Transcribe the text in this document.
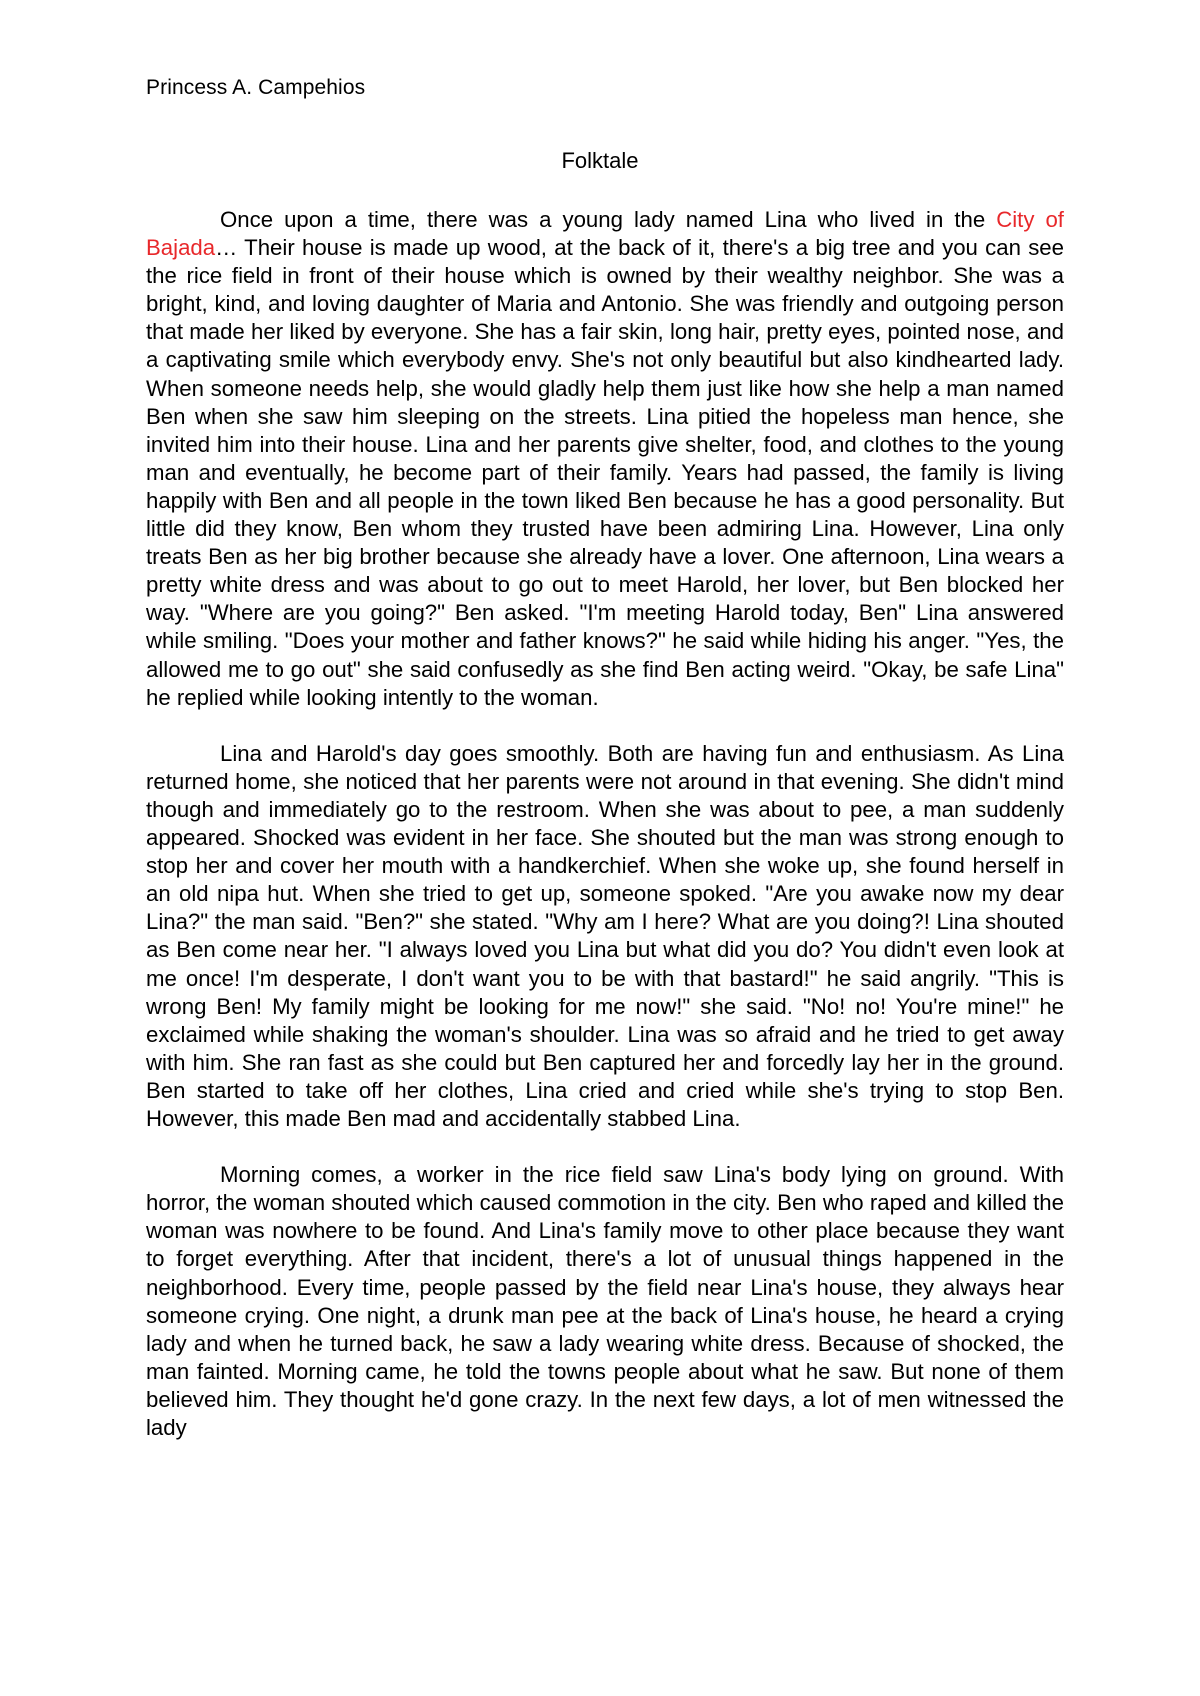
Princess A. Campehios
Folktale

Once upon a time, there was a young lady named Lina who lived in the City of Bajada… Their house is made up wood, at the back of it, there's a big tree and you can see the rice field in front of their house which is owned by their wealthy neighbor. She was a bright, kind, and loving daughter of Maria and Antonio. She was friendly and outgoing person that made her liked by everyone. She has a fair skin, long hair, pretty eyes, pointed nose, and a captivating smile which everybody envy. She's not only beautiful but also kindhearted lady. When someone needs help, she would gladly help them just like how she help a man named Ben when she saw him sleeping on the streets. Lina pitied the hopeless man hence, she invited him into their house. Lina and her parents give shelter, food, and clothes to the young man and eventually, he become part of their family. Years had passed, the family is living happily with Ben and all people in the town liked Ben because he has a good personality. But little did they know, Ben whom they trusted have been admiring Lina. However, Lina only treats Ben as her big brother because she already have a lover. One afternoon, Lina wears a pretty white dress and was about to go out to meet Harold, her lover, but Ben blocked her way. "Where are you going?" Ben asked. "I'm meeting Harold today, Ben" Lina answered while smiling. "Does your mother and father knows?" he said while hiding his anger. "Yes, the allowed me to go out" she said confusedly as she find Ben acting weird. "Okay, be safe Lina" he replied while looking intently to the woman.

Lina and Harold's day goes smoothly. Both are having fun and enthusiasm. As Lina returned home, she noticed that her parents were not around in that evening. She didn't mind though and immediately go to the restroom. When she was about to pee, a man suddenly appeared. Shocked was evident in her face. She shouted but the man was strong enough to stop her and cover her mouth with a handkerchief. When she woke up, she found herself in an old nipa hut. When she tried to get up, someone spoked. "Are you awake now my dear Lina?" the man said. "Ben?" she stated. "Why am I here? What are you doing?! Lina shouted as Ben come near her. "I always loved you Lina but what did you do? You didn't even look at me once! I'm desperate, I don't want you to be with that bastard!" he said angrily. "This is wrong Ben! My family might be looking for me now!" she said. "No! no! You're mine!" he exclaimed while shaking the woman's shoulder. Lina was so afraid and he tried to get away with him. She ran fast as she could but Ben captured her and forcedly lay her in the ground. Ben started to take off her clothes, Lina cried and cried while she's trying to stop Ben. However, this made Ben mad and accidentally stabbed Lina.

Morning comes, a worker in the rice field saw Lina's body lying on ground. With horror, the woman shouted which caused commotion in the city. Ben who raped and killed the woman was nowhere to be found. And Lina's family move to other place because they want to forget everything. After that incident, there's a lot of unusual things happened in the neighborhood. Every time, people passed by the field near Lina's house, they always hear someone crying. One night, a drunk man pee at the back of Lina's house, he heard a crying lady and when he turned back, he saw a lady wearing white dress. Because of shocked, the man fainted. Morning came, he told the towns people about what he saw. But none of them believed him. They thought he'd gone crazy. In the next few days, a lot of men witnessed the lady
